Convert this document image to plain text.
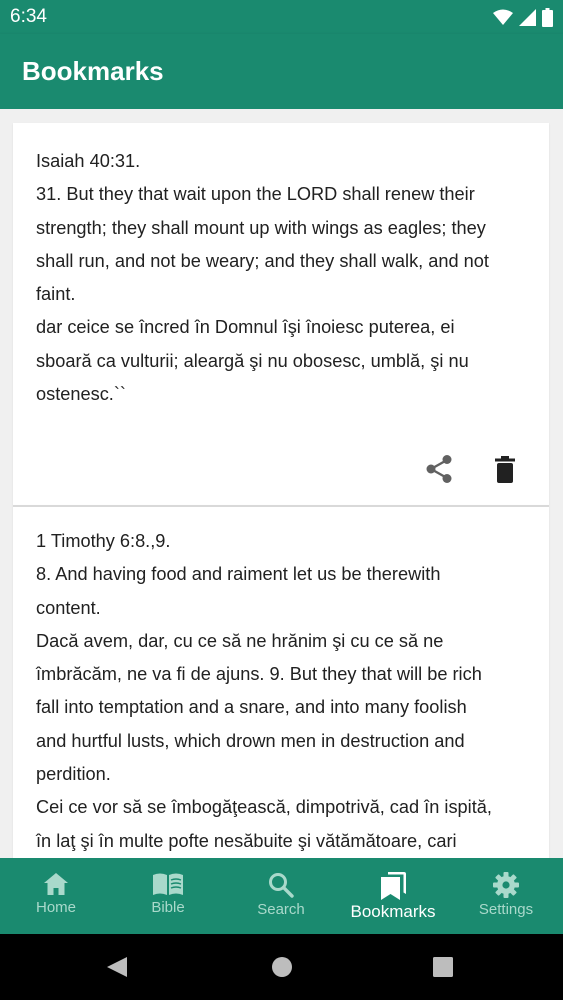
6:34
Bookmarks
Isaiah 40:31.
31. But they that wait upon the LORD shall renew their
strength; they shall mount up with wings as eagles; they
shall run, and not be weary; and they shall walk, and not
faint.
dar ceice se încred în Domnul îşi înoiesc puterea, ei
sboară ca vulturii; aleargă şi nu obosesc, umblă, şi nu
ostenesc.``
1 Timothy 6:8.,9.
8. And having food and raiment let us be therewith
content.
Dacă avem, dar, cu ce să ne hrănim şi cu ce să ne
îmbrăcăm, ne va fi de ajuns. 9. But they that will be rich
fall into temptation and a snare, and into many foolish
and hurtful lusts, which drown men in destruction and
perdition.
Cei ce vor să se îmbogăţească, dimpotrivă, cad în ispită,
în laţ şi în multe pofte nesăbuite şi vătămătoare, cari
Home	Bible	Search	Bookmarks	Settings
